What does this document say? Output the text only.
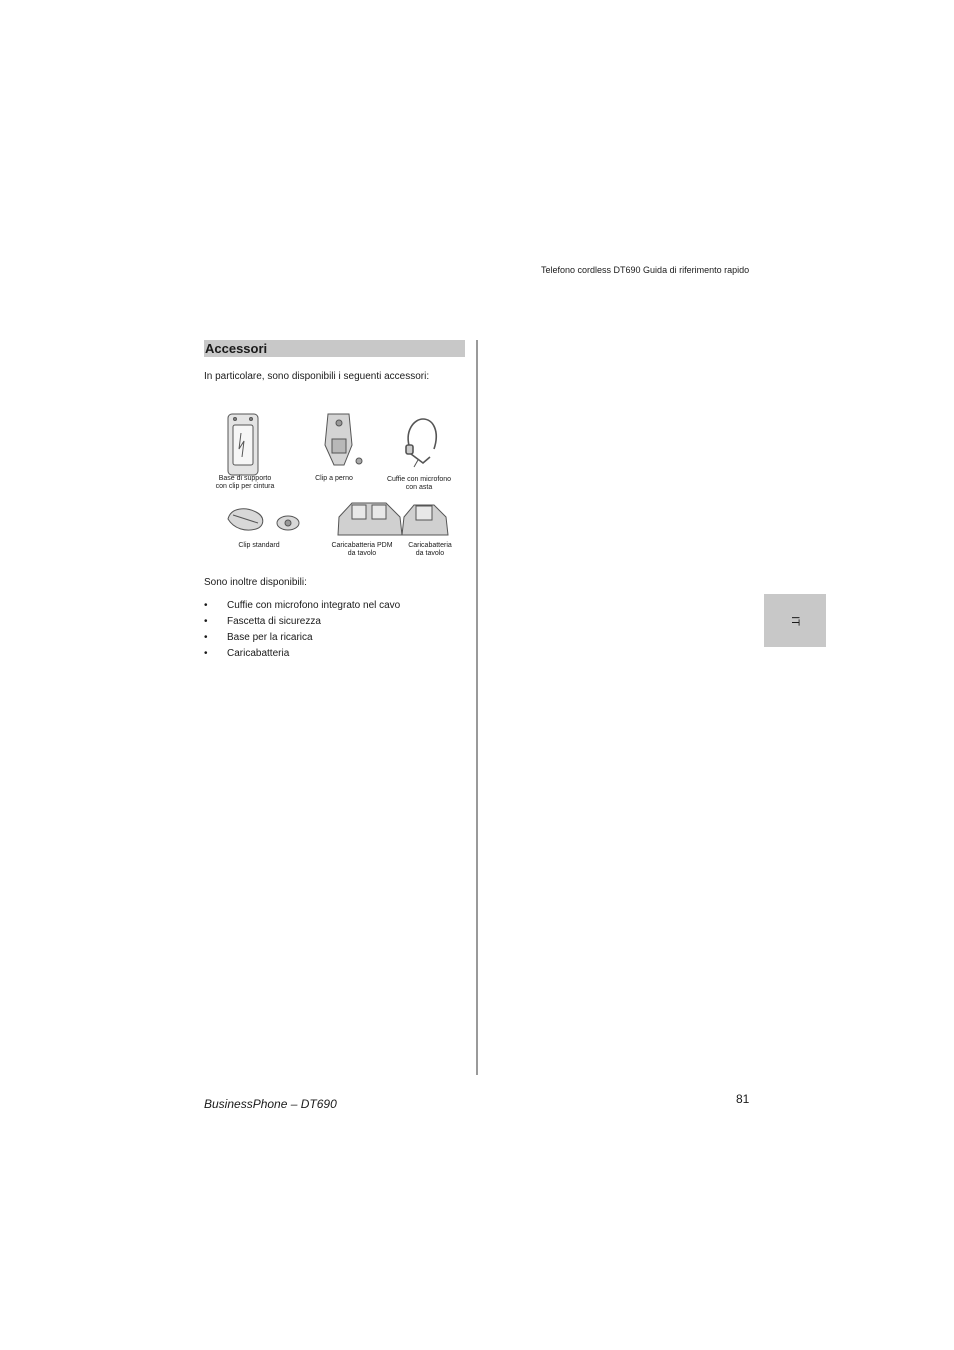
Telefono cordless DT690 Guida di riferimento rapido
Accessori
In particolare, sono disponibili i seguenti accessori:
Base di supporto
con clip per cintura
Clip a perno	Cuffie con microfono
con asta
Clip standard	Caricabatteria PDM
da tavolo
Caricabatteria
da tavolo
Sono inoltre disponibili:
• Cuffie con microfono integrato nel cavo
• Fascetta di sicurezza
• Base per la ricarica
• Caricabatteria
IT
BusinessPhone – DT690	81
